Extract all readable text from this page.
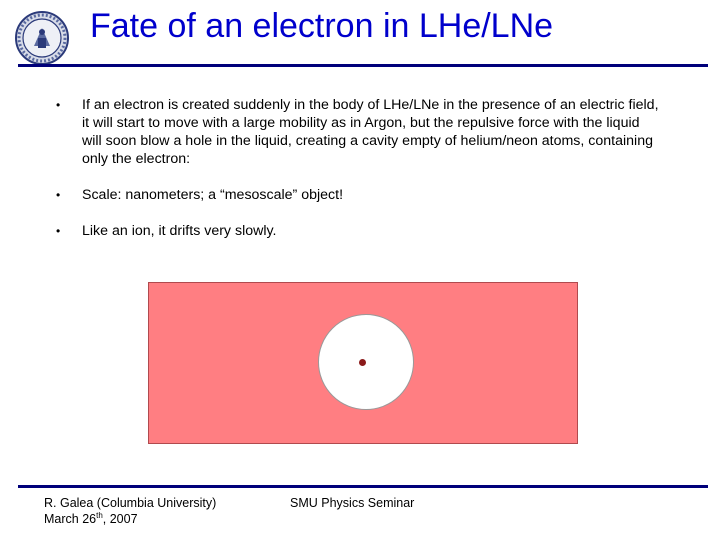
Fate of an electron in LHe/LNe
• If an electron is created suddenly in the body of LHe/LNe in the presence of an electric field, it will start to move with a large mobility as in Argon, but the repulsive force with the liquid will soon blow a hole in the liquid, creating a cavity empty of helium/neon atoms, containing only the electron:
• Scale: nanometers; a “mesoscale” object!
• Like an ion, it drifts very slowly.
R. Galea (Columbia University)
March 26th, 2007
SMU Physics Seminar
